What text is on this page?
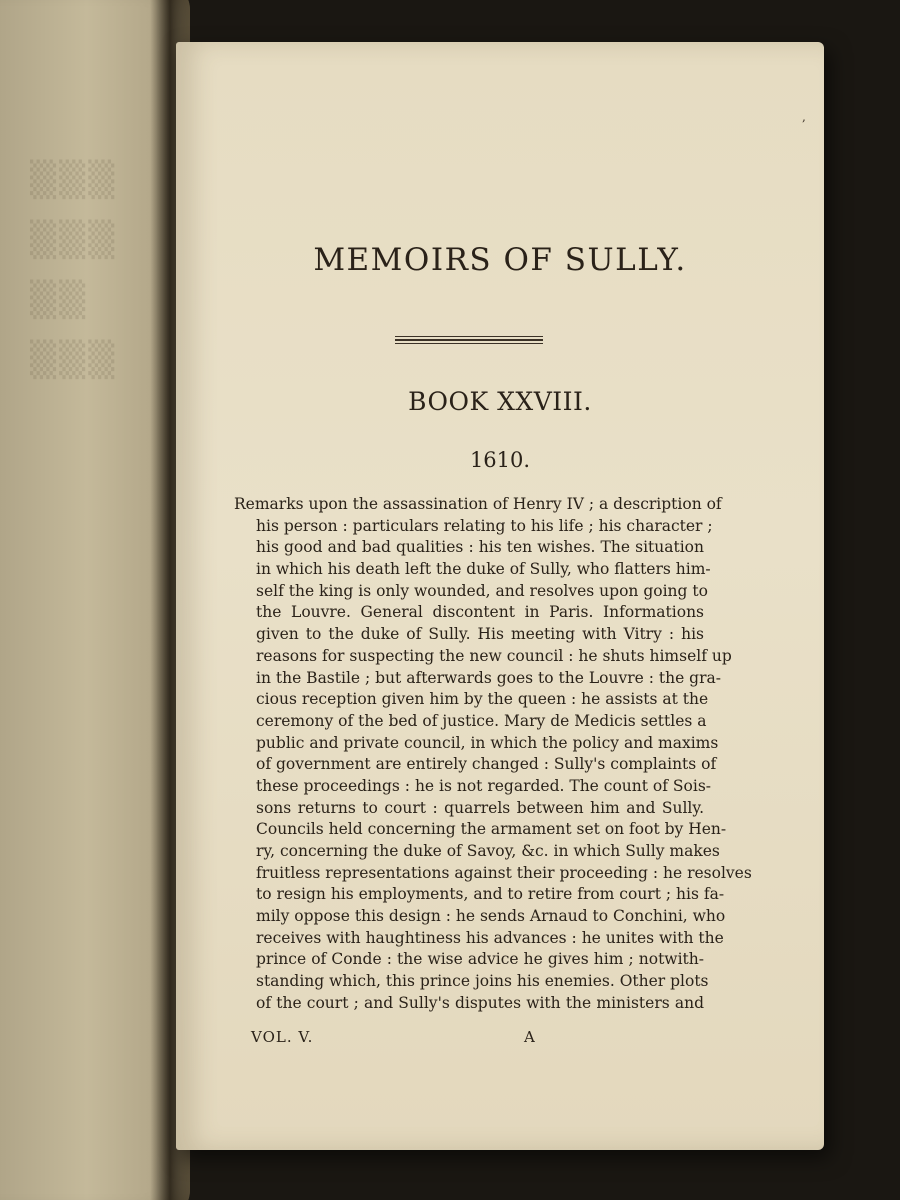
▒▒▒
▒▒▒
▒▒
▒▒▒
,
MEMOIRS OF SULLY.
BOOK XXVIII.
1610.
Remarks upon the assassination of Henry IV ; a description of
his person : particulars relating to his life ; his character ;
his good and bad qualities : his ten wishes. The situation
in which his death left the duke of Sully, who flatters him-
self the king is only wounded, and resolves upon going to
the Louvre. General discontent in Paris. Informations
given to the duke of Sully. His meeting with Vitry : his
reasons for suspecting the new council : he shuts himself up
in the Bastile ; but afterwards goes to the Louvre : the gra-
cious reception given him by the queen : he assists at the
ceremony of the bed of justice. Mary de Medicis settles a
public and private council, in which the policy and maxims
of government are entirely changed : Sully's complaints of
these proceedings : he is not regarded. The count of Sois-
sons returns to court : quarrels between him and Sully.
Councils held concerning the armament set on foot by Hen-
ry, concerning the duke of Savoy, &c. in which Sully makes
fruitless representations against their proceeding : he resolves
to resign his employments, and to retire from court ; his fa-
mily oppose this design : he sends Arnaud to Conchini, who
receives with haughtiness his advances : he unites with the
prince of Conde : the wise advice he gives him ; notwith-
standing which, this prince joins his enemies. Other plots
of the court ; and Sully's disputes with the ministers and
VOL. V.	A
